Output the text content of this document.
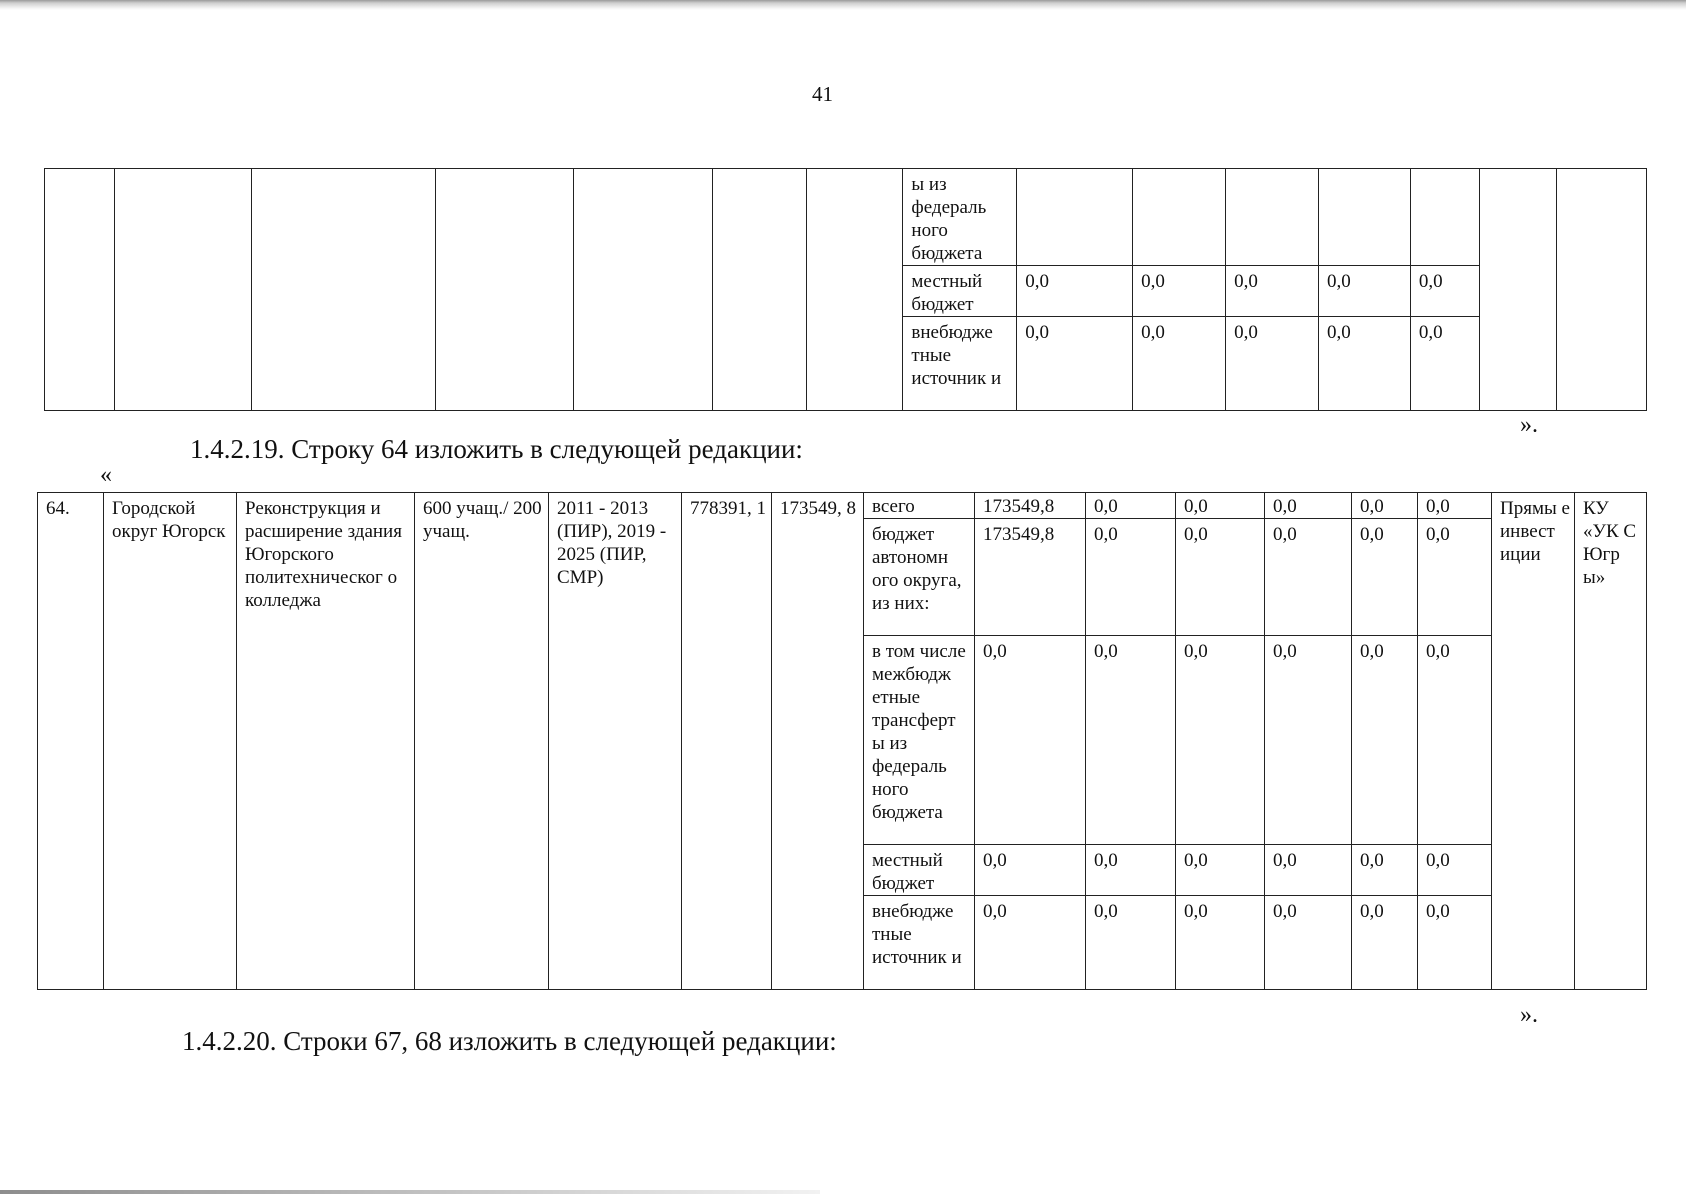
41
							ы из федераль ного бюджета							
							местный бюджет	0,0	0,0	0,0	0,0	0,0		
							внебюдже тные источник и	0,0	0,0	0,0	0,0	0,0		
».
1.4.2.19. Строку 64 изложить в следующей редакции:
«
64.	Городской округ Югорск	Реконструкция и расширение здания Югорского политехническог о колледжа	600 учащ./ 200 учащ.	2011 - 2013 (ПИР), 2019 - 2025 (ПИР, СМР)	778391, 1	173549, 8	всего	173549,8	0,0	0,0	0,0	0,0	0,0	Прямы е инвест иции	КУ «УК С Югр ы»
							бюджет автономн ого округа, из них:	173549,8	0,0	0,0	0,0	0,0	0,0		
							в том числе межбюдж етные трансферт ы из федераль ного бюджета	0,0	0,0	0,0	0,0	0,0	0,0		
							местный бюджет	0,0	0,0	0,0	0,0	0,0	0,0		
							внебюдже тные источник и	0,0	0,0	0,0	0,0	0,0	0,0		
».
1.4.2.20. Строки 67, 68 изложить в следующей редакции:
